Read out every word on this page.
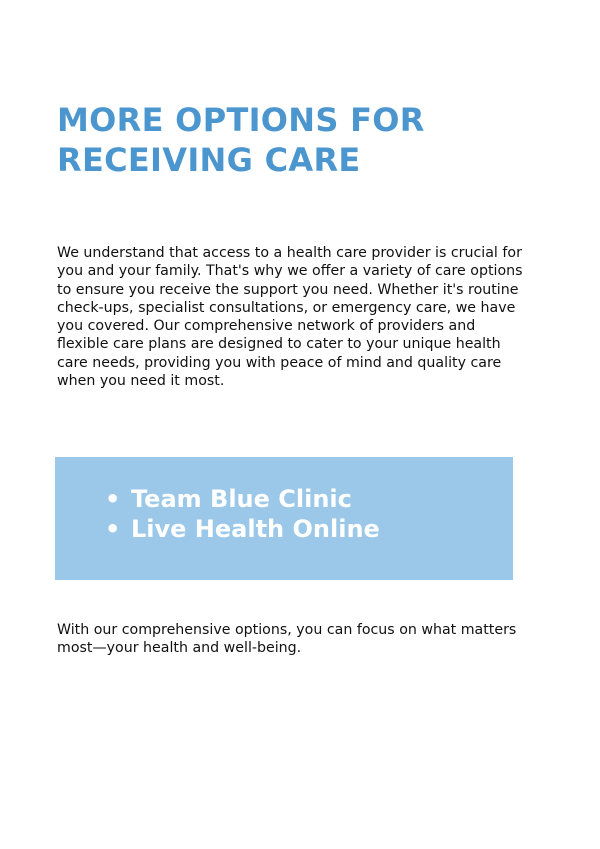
MORE OPTIONS FOR
RECEIVING CARE

We understand that access to a health care provider is crucial for
you and your family. That's why we offer a variety of care options
to ensure you receive the support you need. Whether it's routine
check-ups, specialist consultations, or emergency care, we have
you covered. Our comprehensive network of providers and
flexible care plans are designed to cater to your unique health
care needs, providing you with peace of mind and quality care
when you need it most.

• Team Blue Clinic
• Live Health Online

With our comprehensive options, you can focus on what matters
most—your health and well-being.
